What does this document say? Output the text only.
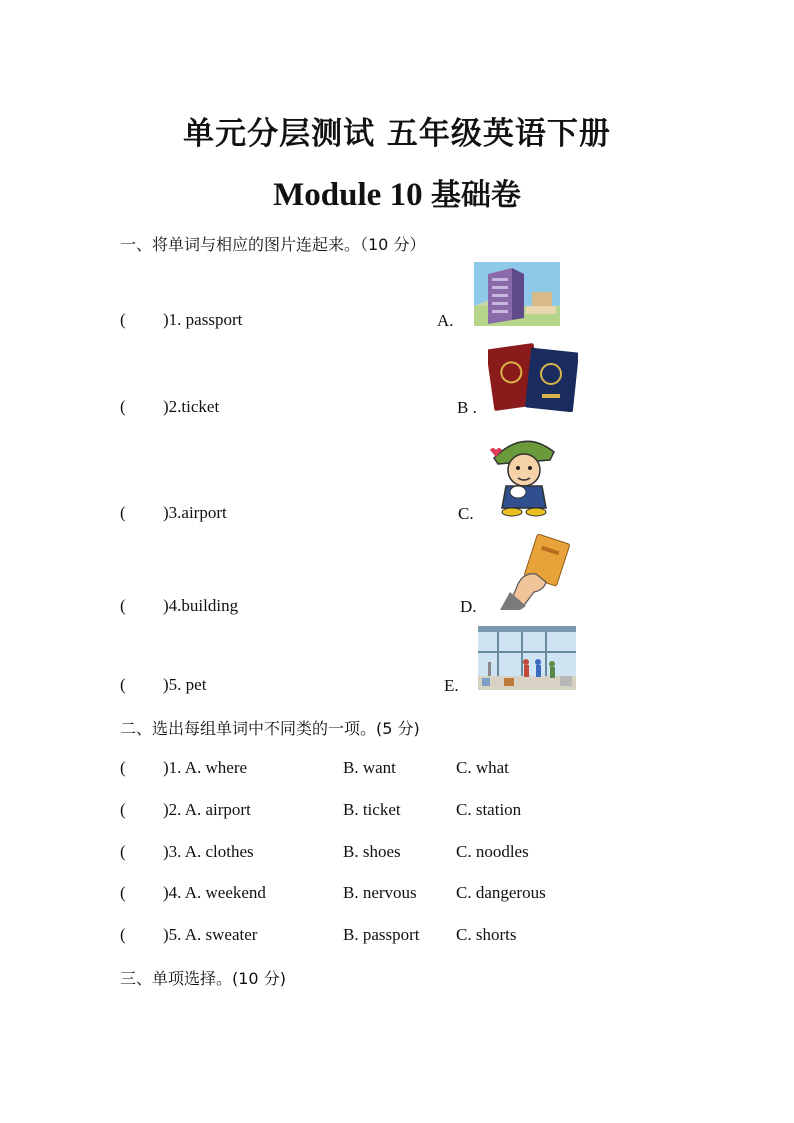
单元分层测试 五年级英语下册
Module 10 基础卷
一、将单词与相应的图片连起来。（10 分）
( )1. passport	A.
( )2.ticket	B .
( )3.airport	C.
( )4.building	D.
( )5. pet	E.
二、选出每组单词中不同类的一项。(5 分)
( )1. A. where	B. want	C. what
( )2. A. airport	B. ticket	C. station
( )3. A. clothes	B. shoes	C. noodles
( )4. A. weekend	B. nervous C. dangerous
( )5. A. sweater	B. passport C. shorts
三、单项选择。(10 分)
